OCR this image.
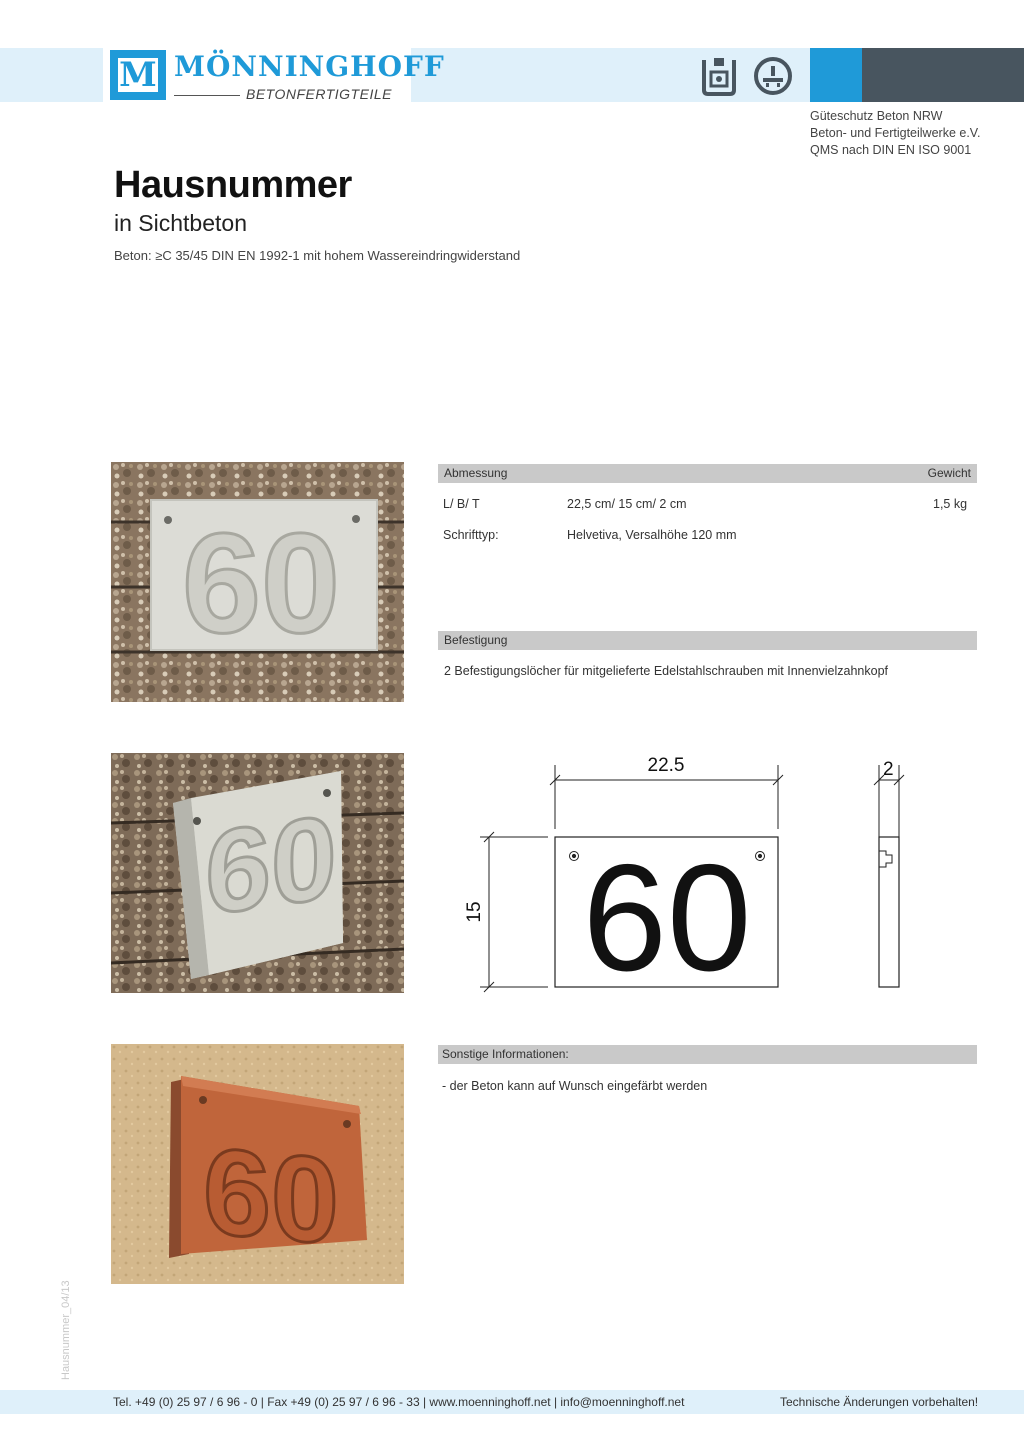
M MÖNNINGHOFF
BETONFERTIGTEILE
Güteschutz Beton NRW
Beton- und Fertigteilwerke e.V.
QMS nach DIN EN ISO 9001
Hausnummer
in Sichtbeton
Beton: ≥C 35/45 DIN EN 1992-1 mit hohem Wassereindringwiderstand
60
60
60
Abmessung	Gewicht
L/ B/ T	22,5 cm/ 15 cm/ 2 cm	1,5 kg
Schrifttyp:	Helvetiva, Versalhöhe 120 mm
Befestigung
2 Befestigungslöcher für mitgelieferte Edelstahlschrauben mit Innenvielzahnkopf
22.5	2
15 60
Sonstige Informationen:
- der Beton kann auf Wunsch eingefärbt werden
Hausnummer_04/13
Tel. +49 (0) 25 97 / 6 96 - 0 | Fax +49 (0) 25 97 / 6 96 - 33 | www.moenninghoff.net | info@moenninghoff.net	Technische Änderungen vorbehalten!
